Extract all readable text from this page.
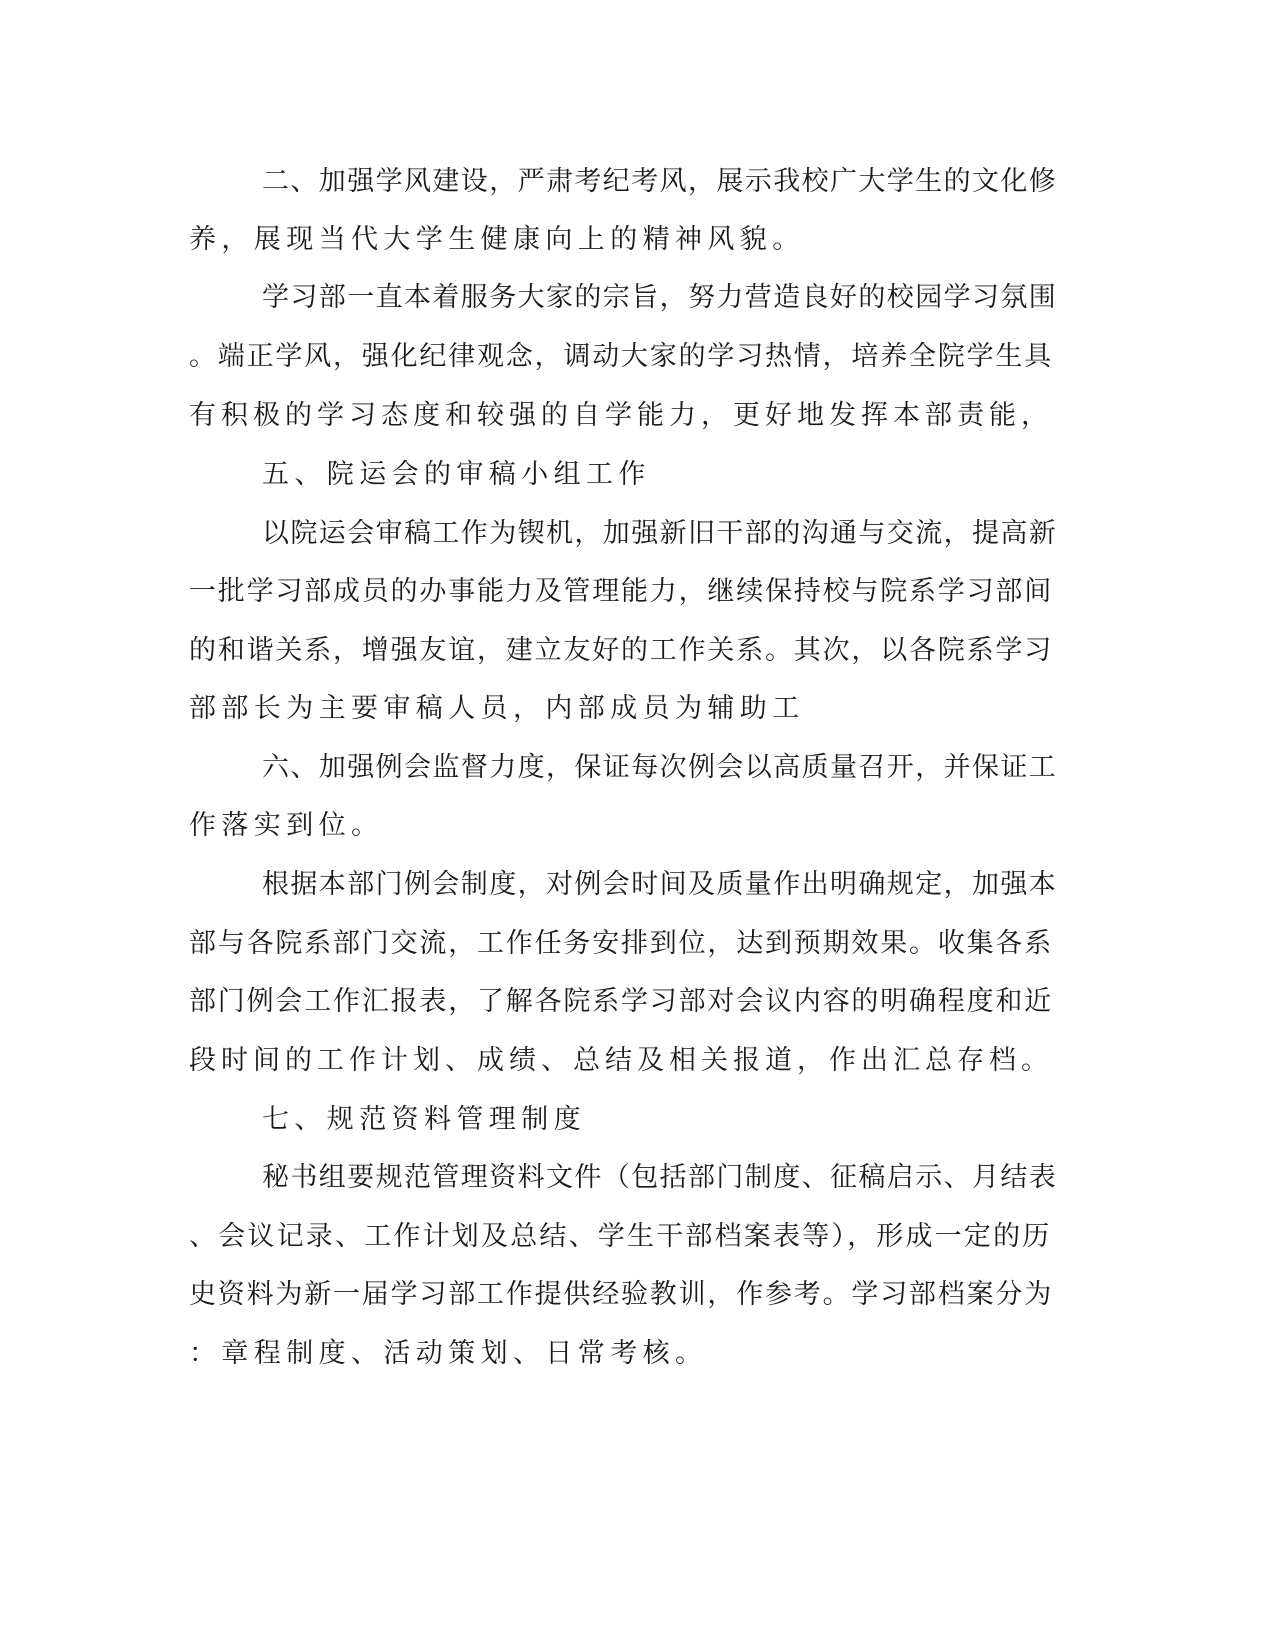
二、加强学风建设，严肃考纪考风，展示我校广大学生的文化修
养，展现当代大学生健康向上的精神风貌。
学习部一直本着服务大家的宗旨，努力营造良好的校园学习氛围
。端正学风，强化纪律观念，调动大家的学习热情，培养全院学生具
有积极的学习态度和较强的自学能力，更好地发挥本部责能，
五、院运会的审稿小组工作
以院运会审稿工作为锲机，加强新旧干部的沟通与交流，提高新
一批学习部成员的办事能力及管理能力，继续保持校与院系学习部间
的和谐关系，增强友谊，建立友好的工作关系。其次，以各院系学习
部部长为主要审稿人员，内部成员为辅助工
六、加强例会监督力度，保证每次例会以高质量召开，并保证工
作落实到位。
根据本部门例会制度，对例会时间及质量作出明确规定，加强本
部与各院系部门交流，工作任务安排到位，达到预期效果。收集各系
部门例会工作汇报表，了解各院系学习部对会议内容的明确程度和近
段时间的工作计划、成绩、总结及相关报道，作出汇总存档。
七、规范资料管理制度
秘书组要规范管理资料文件（包括部门制度、征稿启示、月结表
、会议记录、工作计划及总结、学生干部档案表等），形成一定的历
史资料为新一届学习部工作提供经验教训，作参考。学习部档案分为
：章程制度、活动策划、日常考核。
